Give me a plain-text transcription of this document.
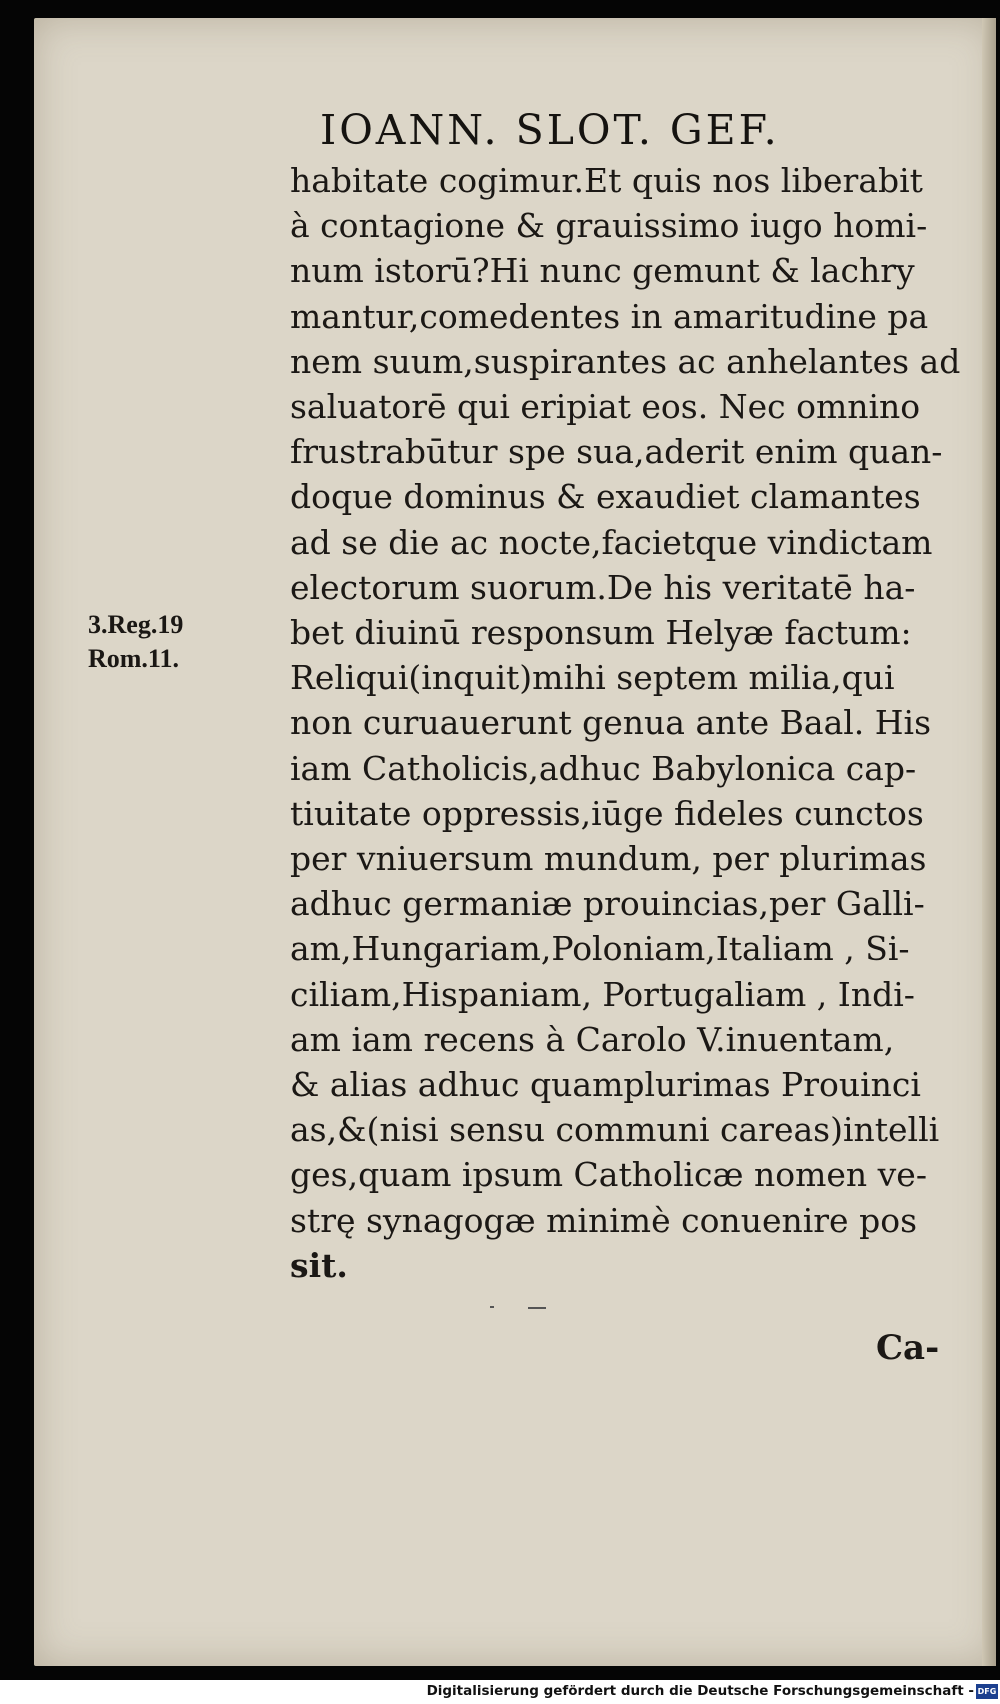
IOANN. SLOT. GEF.
3.Reg.19
Rom.11.
habitate cogimur.Et quis nos liberabit
à contagione & grauissimo iugo homi-
num istorū?Hi nunc gemunt & lachry
mantur,comedentes in amaritudine pa
nem suum,suspirantes ac anhelantes ad
saluatorē qui eripiat eos. Nec omnino
frustrabūtur spe sua,aderit enim quan-
doque dominus & exaudiet clamantes
ad se die ac nocte,facietque vindictam
electorum suorum.De his veritatē ha-
bet diuinū responsum Helyæ factum:
Reliqui(inquit)mihi septem milia,qui
non curuauerunt genua ante Baal. His
iam Catholicis,adhuc Babylonica cap-
tiuitate oppressis,iūge fideles cunctos
per vniuersum mundum, per plurimas
adhuc germaniæ prouincias,per Galli-
am,Hungariam,Poloniam,Italiam , Si-
ciliam,Hispaniam, Portugaliam , Indi-
am iam recens à Carolo V.inuentam,
& alias adhuc quamplurimas Prouinci
as,&(nisi sensu communi careas)intelli
ges,quam ipsum Catholicæ nomen ve-
strę synagogæ minimè conuenire pos
sit.
Ca-
Digitalisierung gefördert durch die Deutsche Forschungsgemeinschaft - DFG
